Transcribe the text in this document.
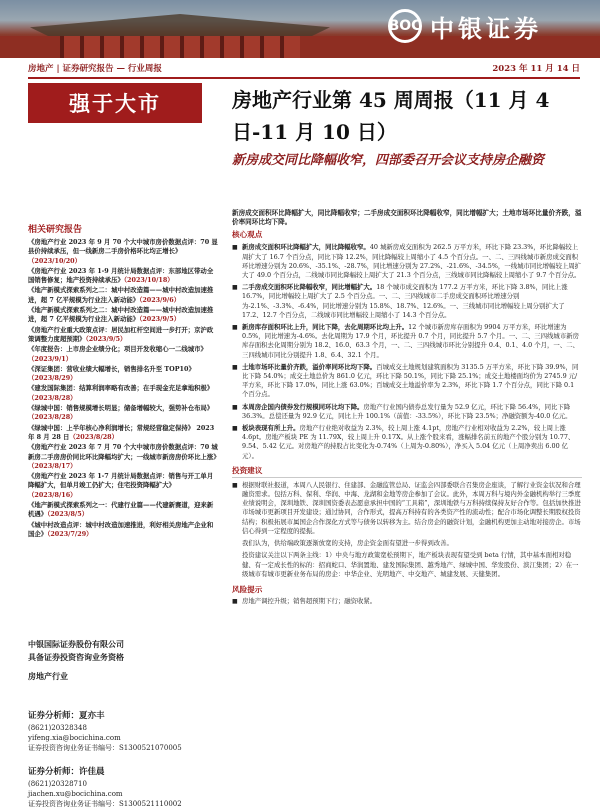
BOC 中银证券
房地产 | 证券研究报告 — 行业周报	2023 年 11 月 14 日
强于大市	房地产行业第 45 周周报（11 月 4 日-11 月 10 日）
新房成交同比降幅收窄，四部委召开会议支持房企融资
相关研究报告
《房地产行业 2023 年 9 月 70 个大中城市房价数据点评：70 显县价持续承压，但一线新房二手房价格环比均正增长》（2023/10/20）
《房地产行业 2023 年 1-9 月统计局数据点评：东部地区带动全国销售修复；地产投资持续承压》（2023/10/18）
《地产新模式探索系列之二：城中村改造篇——城中村改造加速推进，超 7 亿平规模为行业注入新动能》（2023/9/6）
《地产新模式探索系列之二：城中村改造篇——城中村改造加速推进，超 7 亿平规模为行业注入新动能》（2023/9/5）
《房地产行业重大政策点评：居民加杠杆空间进一步打开；京沪政策调整力度超预期》（2023/9/5）
《年度报告：上市房企业绩分化；项目开发收缩心一二线城市》（2023/9/1）
《深证集团：营收业绩大幅增长，销售排名升至 TOP10》（2023/8/29）
《建发国际集团：结算利润率略有改善；在手现金充足拿地积极》（2023/8/28）
《绿城中国：销售规模增长明显；储备增幅较大，强势补仓布局》（2023/8/28）
《绿城中国：上半年核心净利润增长；常规经营稳定保持》 2023 年 8 月 28 日（2023/8/28）
《房地产行业 2023 年 7 月 70 个大中城市房价数据点评：70 城新房二手房房价同比环比降幅均扩大；一线城市新房房价环比上涨》（2023/8/17）
《房地产行业 2023 年 1-7 月统计局数据点评：销售与开工单月降幅扩大，但单月竣工仍扩大；住宅投资降幅扩大》（2023/8/16）
《地产新模式探索系列之一：代建行业篇——代建新赛道，迎来新机遇》（2023/8/5）
《城中村改造点评：城中村改造加速推进，利好相关房地产企业和国企》（2023/7/29）
中银国际证券股份有限公司
具备证券投资咨询业务资格
房地产行业
证券分析师：夏亦丰
(8621)20328348
yifeng.xia@bocichina.com
证券投资咨询业务证书编号：S1300521070005
证券分析师：许佳晨
(8621)20328710
jiachen.xu@bocichina.com
证券投资咨询业务证书编号：S1300521110002
新房成交面积环比降幅扩大，同比降幅收窄；二手房成交面积环比降幅收窄，同比增幅扩大；土地市场环比量价齐跌，溢价率同环比均下降。
核心观点
■ 新房成交面积环比降幅扩大，同比降幅收窄。40 城新房成交面积为 262.5 万平方米，环比下降 23.3%，环比降幅较上周扩大了 16.7 个百分点，同比下降 12.2%，同比降幅较上周缩小了 4.5 个百分点。一、二、三四线城市新房成交面积环比增速分别为 20.6%、-35.1%、-28.7%，同比增速分别为 27.2%、-21.6%、-34.5%，一线城市同比增幅较上周扩大了 49.0 个百分点，二线城市同比降幅较上周扩大了 21.3 个百分点，三线城市同比降幅较上周缩小了 9.7 个百分点。
■ 二手房成交面积环比降幅收窄，同比增幅扩大。18 个城市成交面积为 177.2 万平方米，环比下降 3.8%，同比上涨 16.7%，同比增幅较上周扩大了 2.5 个百分点。一、二、三四线城市二手房成交面积环比增速分别为-2.1%、-3.3%、-6.4%，同比增速分别为 15.8%、18.7%、12.6%。一、三线城市同比增幅较上周分别扩大了 17.2、12.7 个百分点，二线城市同比增幅较上周缩小了 14.3 个百分点。
■ 新房库存面积环比上升，同比下降，去化周期环比均上升。12 个城市新房库存面积为 9904 万平方米，环比增速为 0.5%，同比增速为-4.6%。去化周期为 17.9 个月，环比提升 0.7 个月，同比提升 5.7 个月。一、二、三四线城市新房库存面积去化周期分别为 18.2、16.0、63.3 个月，一、二、三四线城市环比分别提升 0.4、0.1、4.0 个月，一、二、三四线城市同比分别提升 1.8、6.4、32.1 个月。
■ 土地市场环比量价齐跌，溢价率同环比均下降。百城成交土地规划建筑面积为 3135.5 万平方米，环比下降 39.9%，同比下降 54.0%；成交土地总价为 861.0 亿元，环比下降 50.1%，同比下降 25.1%；成交土地楼面均价为 2745.9 元/平方米，环比下降 17.0%，同比上涨 63.0%；百城成交土地溢价率为 2.3%，环比下降 1.7 个百分点，同比下降 0.1 个百分点。
■ 本周房企国内债券发行规模同环比均下降。房地产行业国内债券总发行量为 52.9 亿元，环比下降 56.4%，同比下降 36.3%。总偿还量为 92.9 亿元，同比上升 100.1%（前值：-33.5%），环比下降 23.5%；净融资额为-40.0 亿元。
■ 板块表现有所上升。房地产行业绝对收益为 2.3%，较上周上涨 4.1pt，房地产行业相对收益为 2.2%，较上周上涨 4.6pt。房地产板块 PE 为 11.79X，较上周上升 0.17X。从上涨个股来看，涨幅排名前五的地产个股分别为 10.77、9.54、5.42 亿元。对房地产的持股占比变化为-0.74%（上周为-0.80%），净买入 5.04 亿元（上周净卖出 6.00 亿元）。
投资建议
■ 根据财联社报道，本周八人民银行、住建部、金融监管总局、证监会四部委联合召集房企座谈，了解行业资金状况和合理融资需求。包括万科、保利、华润、中海、龙湖和金地等房企参加了会议。此外，本周万科与境内外金融机构举行三季度业绩说明会，深圳地铁、深圳国资委表态愿意承担中国的“工具箱”，深圳地铁与万科持续保持友好合作等。包括加快推进市场城市更新项目开发建设；通过协同，合作形式，提高万科持有的各类资产性的流动性；配合市场化调整长期股权投资结构；积极拓展市属国企合作深化方式等与债务以转移为主。结合房企的融资计划，金融机构更加主动地对接房企。市场信心得到一定程度的提振。
我们认为，供给端政策逐渐放宽的支持，房企资金面有望进一步得到改善。
投资建议关注以下两条主线：1）中央与地方政策宽松预期下，地产板块表现有望受到 beta 行情，其中基本面相对稳健、有一定成长性的标的：招商蛇口、华润置地、建发国际集团、越秀地产、绿城中国、华发股份、滨江集团；2）在一级城市有城市更新业务布局的房企：中华企业、光明地产、中交地产、城建发展、天健集团。
风险提示
■ 房地产调控升级；销售超预期下行；融资收紧。
